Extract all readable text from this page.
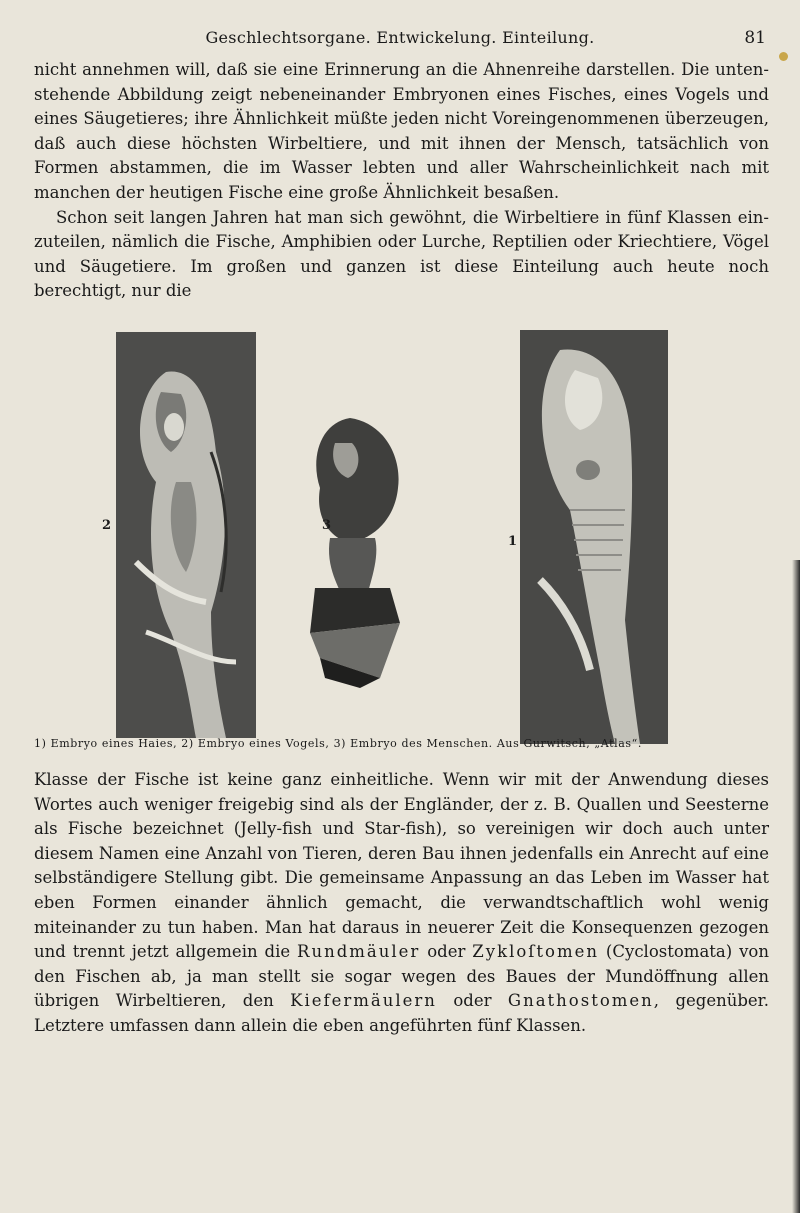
Geschlechtsorgane. Entwickelung. Einteilung.	81

nicht annehmen will, daß sie eine Erinnerung an die Ahnenreihe darstellen. Die untenstehende Abbildung zeigt nebeneinander Embryonen eines Fisches, eines Vogels und eines Säugetieres; ihre Ähnlichkeit müßte jeden nicht Voreingenommenen überzeugen, daß auch diese höchsten Wirbeltiere, und mit ihnen der Mensch, tatsächlich von Formen abstammen, die im Wasser lebten und aller Wahrscheinlichkeit nach mit manchen der heutigen Fische eine große Ähnlichkeit besaßen.

Schon seit langen Jahren hat man sich gewöhnt, die Wirbeltiere in fünf Klassen einzuteilen, nämlich die Fische, Amphibien oder Lurche, Reptilien oder Kriechtiere, Vögel und Säugetiere. Im großen und ganzen ist diese Einteilung auch heute noch berechtigt, nur die

2	3
1
1) Embryo eines Haies, 2) Embryo eines Vogels, 3) Embryo des Menschen. Aus Gurwitsch, „Atlas“.

Klasse der Fische ist keine ganz einheitliche. Wenn wir mit der Anwendung dieses Wortes auch weniger freigebig sind als der Engländer, der z. B. Quallen und Seesterne als Fische bezeichnet (Jelly-fish und Star-fish), so vereinigen wir doch auch unter diesem Namen eine Anzahl von Tieren, deren Bau ihnen jedenfalls ein Anrecht auf eine selbständigere Stellung gibt. Die gemeinsame Anpassung an das Leben im Wasser hat eben Formen einander ähnlich gemacht, die verwandtschaftlich wohl wenig miteinander zu tun haben. Man hat daraus in neuerer Zeit die Konsequenzen gezogen und trennt jetzt allgemein die Rundmäuler oder Zykloſtomen (Cyclostomata) von den Fischen ab, ja man stellt sie sogar wegen des Baues der Mundöffnung allen übrigen Wirbeltieren, den Kiefermäulern oder Gnathostomen, gegenüber. Letztere umfassen dann allein die eben angeführten fünf Klassen.
